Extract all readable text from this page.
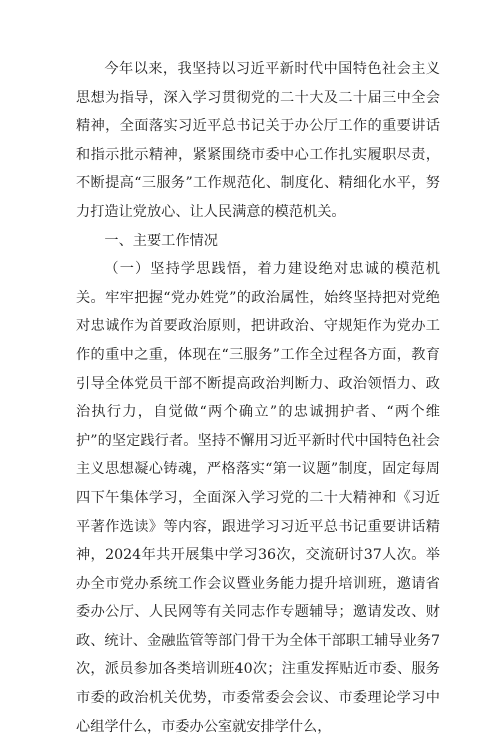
今年以来，我坚持以习近平新时代中国特色社会主义思想为指导，深入学习贯彻党的二十大及二十届三中全会精神，全面落实习近平总书记关于办公厅工作的重要讲话和指示批示精神，紧紧围绕市委中心工作扎实履职尽责，不断提高“三服务”工作规范化、制度化、精细化水平，努力打造让党放心、让人民满意的模范机关。

一、主要工作情况

（一）坚持学思践悟，着力建设绝对忠诚的模范机关。牢牢把握“党办姓党”的政治属性，始终坚持把对党绝对忠诚作为首要政治原则，把讲政治、守规矩作为党办工作的重中之重，体现在“三服务”工作全过程各方面，教育引导全体党员干部不断提高政治判断力、政治领悟力、政治执行力，自觉做“两个确立”的忠诚拥护者、“两个维护”的坚定践行者。坚持不懈用习近平新时代中国特色社会主义思想凝心铸魂，严格落实“第一议题”制度，固定每周四下午集体学习，全面深入学习党的二十大精神和《习近平著作选读》等内容，跟进学习习近平总书记重要讲话精神，2024年共开展集中学习36次，交流研讨37人次。举办全市党办系统工作会议暨业务能力提升培训班，邀请省委办公厅、人民网等有关同志作专题辅导；邀请发改、财政、统计、金融监管等部门骨干为全体干部职工辅导业务7次，派员参加各类培训班40次；注重发挥贴近市委、服务市委的政治机关优势，市委常委会会议、市委理论学习中心组学什么，市委办公室就安排学什么，
